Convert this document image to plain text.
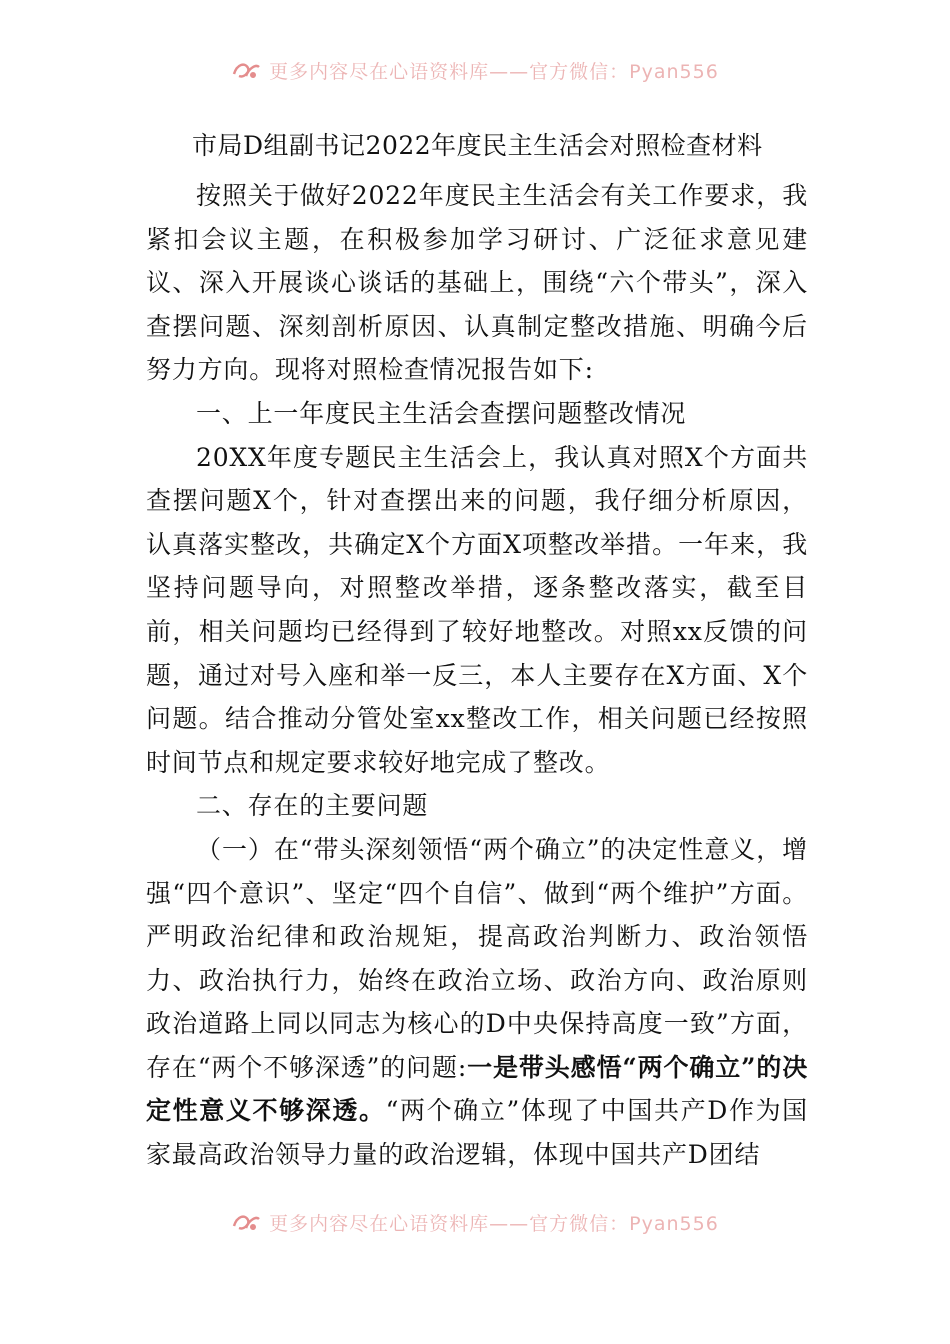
更多内容尽在心语资料库——官方微信：Pyan556
市局D组副书记2022年度民主生活会对照检查材料

按照关于做好2022年度民主生活会有关工作要求，我紧扣会议主题，在积极参加学习研讨、广泛征求意见建议、深入开展谈心谈话的基础上，围绕“六个带头”，深入查摆问题、深刻剖析原因、认真制定整改措施、明确今后努力方向。现将对照检查情况报告如下:

一、上一年度民主生活会查摆问题整改情况

20XX年度专题民主生活会上，我认真对照X个方面共查摆问题X个，针对查摆出来的问题，我仔细分析原因，认真落实整改，共确定X个方面X项整改举措。一年来，我坚持问题导向，对照整改举措，逐条整改落实，截至目前，相关问题均已经得到了较好地整改。对照xx反馈的问题，通过对号入座和举一反三，本人主要存在X方面、X个问题。结合推动分管处室xx整改工作，相关问题已经按照时间节点和规定要求较好地完成了整改。

二、存在的主要问题

（一）在“带头深刻领悟“两个确立”的决定性意义，增强“四个意识”、坚定“四个自信”、做到“两个维护”方面。严明政治纪律和政治规矩，提高政治判断力、政治领悟力、政治执行力，始终在政治立场、政治方向、政治原则政治道路上同以同志为核心的D中央保持高度一致”方面，存在“两个不够深透”的问题:一是带头感悟“两个确立”的决定性意义不够深透。“两个确立”体现了中国共产D作为国家最高政治领导力量的政治逻辑，体现中国共产D团结

更多内容尽在心语资料库——官方微信：Pyan556
